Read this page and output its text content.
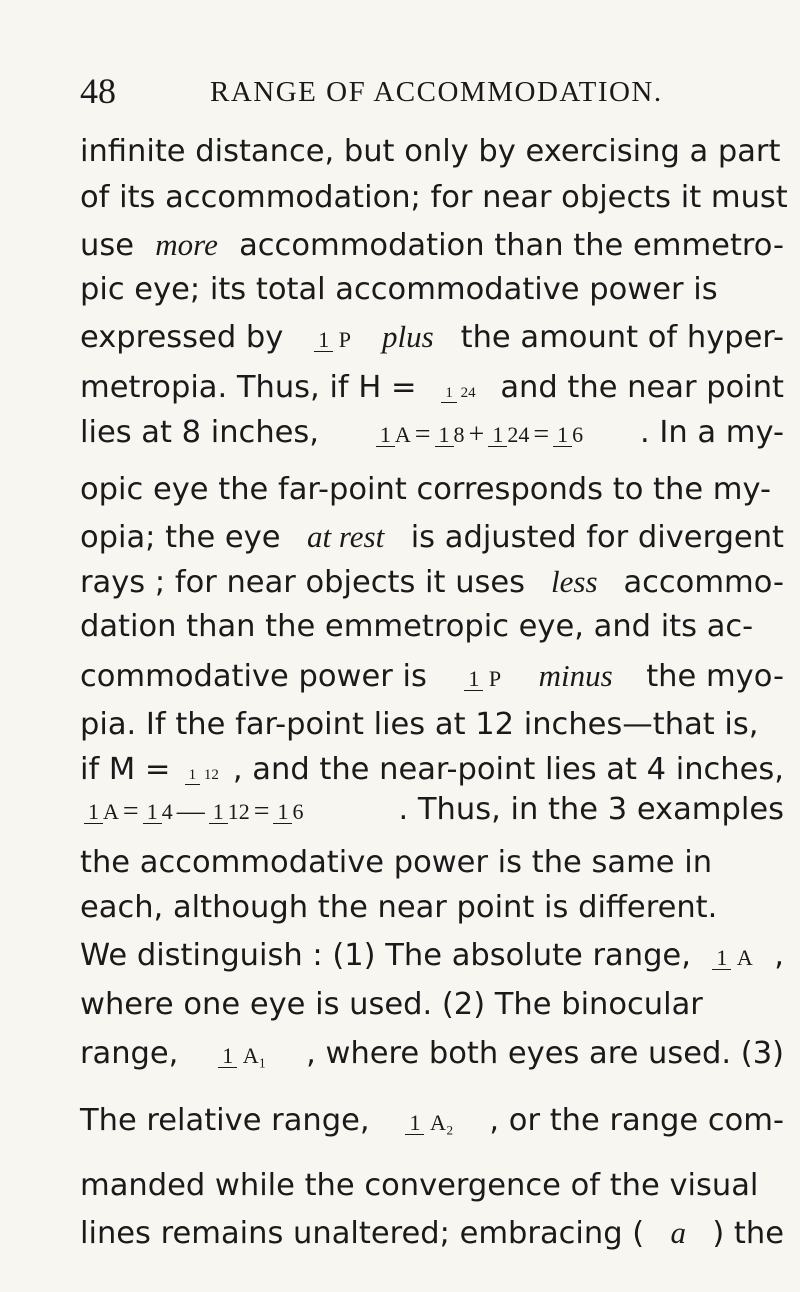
48	RANGE OF ACCOMMODATION.
infinite distance, but only by exercising a part
of its accommodation; for near objects it must
use more accommodation than the emmetro-
pic eye; its total accommodative power is
expressed by 1 P plus the amount of hyper-
metropia. Thus, if H = 1 24 and the near point
lies at 8 inches,	1 A = 1 8 + 1 24 = 1 6 . In a my-
opic eye the far-point corresponds to the my-
opia; the eye at rest is adjusted for divergent
rays ; for near objects it uses less accommo-
dation than the emmetropic eye, and its ac-
commodative power is 1 P minus the myo-
pia. If the far-point lies at 12 inches—that is,
if M = 1 12 , and the near-point lies at 4 inches,
1 A = 1 4 — 1 12 = 1 6	. Thus, in the 3 examples
the accommodative power is the same in
each, although the near point is different.
We distinguish : (1) The absolute range, 1 A ,
where one eye is used. (2) The binocular
range, 1 A₁ , where both eyes are used. (3)
The relative range, 1 A₂ , or the range com-
manded while the convergence of the visual
lines remains unaltered; embracing ( a ) the
